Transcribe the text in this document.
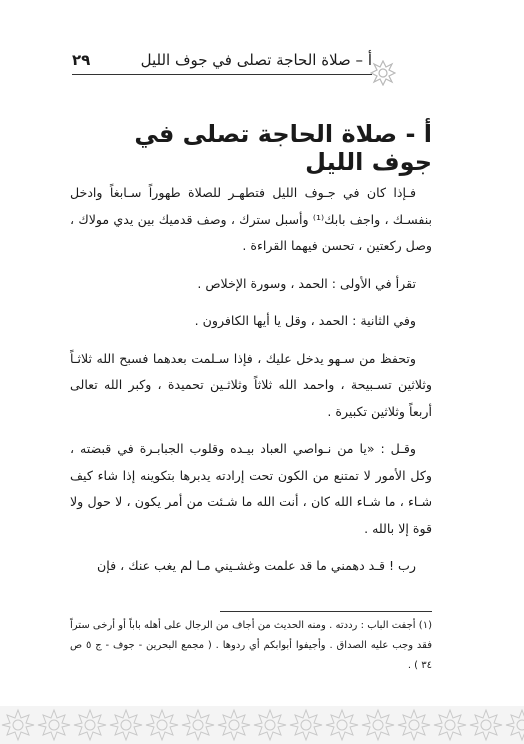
أ – صلاة الحاجة تصلى في جوف الليل
٢٩
أ - صلاة الحاجة تصلى في جوف الليل

فـإذا كان في جـوف الليل فتطهـر للصلاة طهوراً سـابغاً وادخل بنفسـك ، واجف بابك⁽¹⁾ وأسبل سترك ، وصف قدميك بين يدي مولاك ، وصل ركعتين ، تحسن فيهما القراءة .

تقرأ في الأولى : الحمد ، وسورة الإخلاص .

وفي الثانية : الحمد ، وقل يا أيها الكافرون .

وتحفظ من سـهو يدخل عليك ، فإذا سـلمت بعدهما فسبح الله ثلاثـاً وثلاثين تسـبيحة ، واحمد الله ثلاثاً وثلاثـين تحميدة ، وكبر الله تعالى أربعاً وثلاثين تكبيرة .

وقـل : «يا من نـواصي العباد بيـده وقلوب الجبابـرة في قبضته ، وكل الأمور لا تمتنع من الكون تحت إرادته يدبرها بتكوينه إذا شاء كيف شـاء ، ما شـاء الله كان ، أنت الله ما شـئت من أمر يكون ، لا حول ولا قوة إلا بالله .

رب ! قـد دهمني ما قد علمت وغشـيني مـا لم يغب عنك ، فإن

(١) أجفت الباب : رددته . ومنه الحديث من أجاف من الرجال على أهله باباً أو أرخى ستراً فقد وجب عليه الصداق . وأجيفوا أبوابكم أي ردوها . ( مجمع البحرين - جوف - ج ٥ ص ٣٤ ) .
